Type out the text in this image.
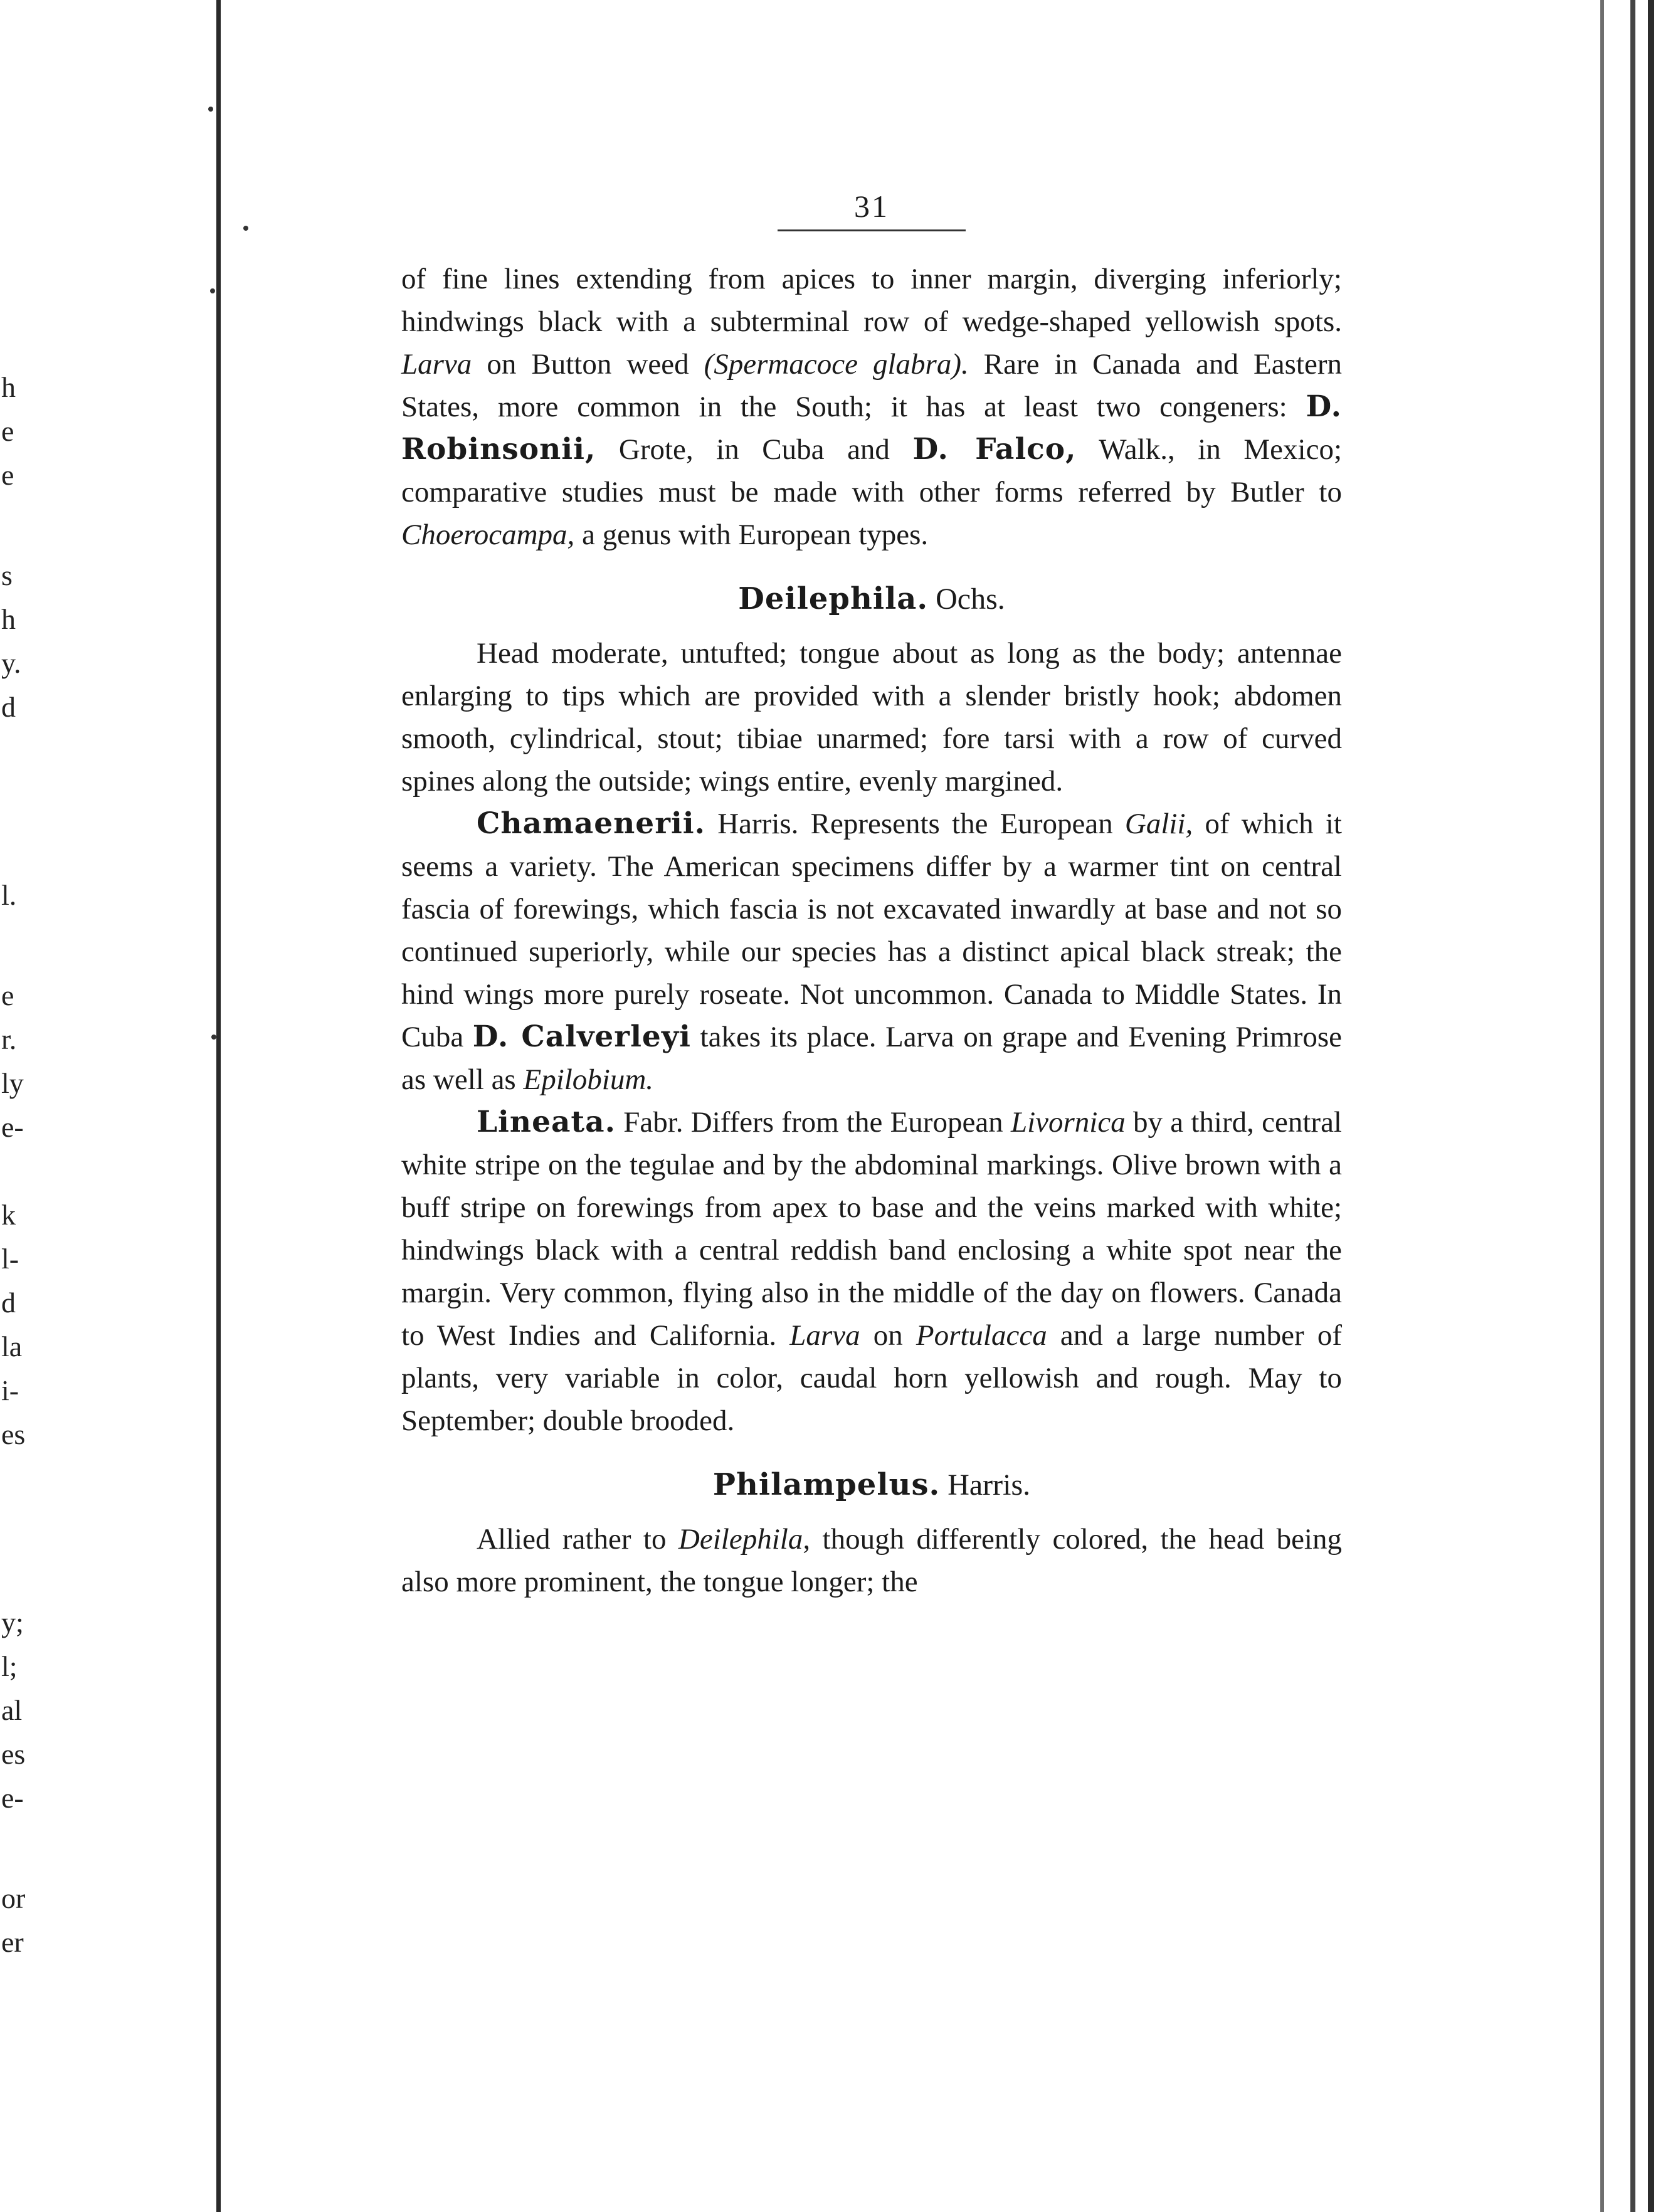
h
e
e
s
h
y.
d
l.
e
r.
ly
e-
k
l-
d
la
i-
es
y;
l;
al
es
e-
or
er
31

of fine lines extending from apices to inner margin, diverging inferiorly; hindwings black with a subterminal row of wedge-shaped yellowish spots. Larva on Button weed (Spermacoce glabra). Rare in Canada and Eastern States, more common in the South; it has at least two congeners: D. Robinsonii, Grote, in Cuba and D. Falco, Walk., in Mexico; comparative studies must be made with other forms referred by Butler to Choerocampa, a genus with European types.

Deilephila. Ochs.

Head moderate, untufted; tongue about as long as the body; antennae enlarging to tips which are provided with a slender bristly hook; abdomen smooth, cylindrical, stout; tibiae unarmed; fore tarsi with a row of curved spines along the outside; wings entire, evenly margined.

Chamaenerii. Harris. Represents the European Galii, of which it seems a variety. The American specimens differ by a warmer tint on central fascia of forewings, which fascia is not excavated inwardly at base and not so continued superiorly, while our species has a distinct apical black streak; the hind wings more purely roseate. Not uncommon. Canada to Middle States. In Cuba D. Calverleyi takes its place. Larva on grape and Evening Primrose as well as Epilobium.

Lineata. Fabr. Differs from the European Livornica by a third, central white stripe on the tegulae and by the abdominal markings. Olive brown with a buff stripe on forewings from apex to base and the veins marked with white; hindwings black with a central reddish band enclosing a white spot near the margin. Very common, flying also in the middle of the day on flowers. Canada to West Indies and California. Larva on Portulacca and a large number of plants, very variable in color, caudal horn yellowish and rough. May to September; double brooded.

Philampelus. Harris.

Allied rather to Deilephila, though differently colored, the head being also more prominent, the tongue longer; the
